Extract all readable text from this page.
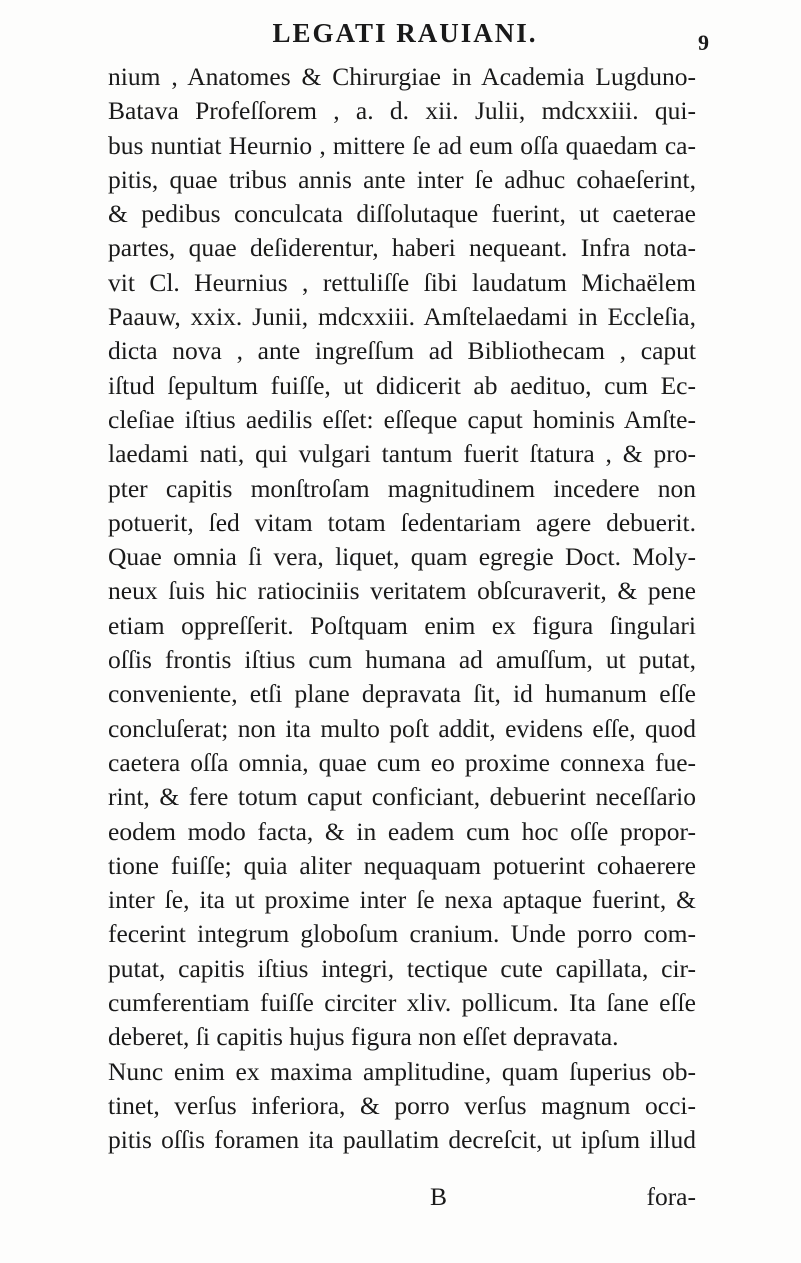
LEGATI RAUIANI.	9
nium , Anatomes & Chirurgiae in Academia Lugduno-
Batava Profeſſorem , a. d. xii. Julii, mdcxxiii. qui-
bus nuntiat Heurnio , mittere ſe ad eum oſſa quaedam ca-
pitis, quae tribus annis ante inter ſe adhuc cohaeſerint,
& pedibus conculcata diſſolutaque fuerint, ut caeterae
partes, quae deſiderentur, haberi nequeant. Infra nota-
vit Cl. Heurnius , rettuliſſe ſibi laudatum Michaëlem
Paauw, xxix. Junii, mdcxxiii. Amſtelaedami in Eccleſia,
dicta nova , ante ingreſſum ad Bibliothecam , caput
iſtud ſepultum fuiſſe, ut didicerit ab aedituo, cum Ec-
cleſiae iſtius aedilis eſſet: eſſeque caput hominis Amſte-
laedami nati, qui vulgari tantum fuerit ſtatura , & pro-
pter capitis monſtroſam magnitudinem incedere non
potuerit, ſed vitam totam ſedentariam agere debuerit.
Quae omnia ſi vera, liquet, quam egregie Doct. Moly-
neux ſuis hic ratiociniis veritatem obſcuraverit, & pene
etiam oppreſſerit. Poſtquam enim ex figura ſingulari
oſſis frontis iſtius cum humana ad amuſſum, ut putat,
conveniente, etſi plane depravata ſit, id humanum eſſe
concluſerat; non ita multo poſt addit, evidens eſſe, quod
caetera oſſa omnia, quae cum eo proxime connexa fue-
rint, & fere totum caput conficiant, debuerint neceſſario
eodem modo facta, & in eadem cum hoc oſſe propor-
tione fuiſſe; quia aliter nequaquam potuerint cohaerere
inter ſe, ita ut proxime inter ſe nexa aptaque fuerint, &
fecerint integrum globoſum cranium. Unde porro com-
putat, capitis iſtius integri, tectique cute capillata, cir-
cumferentiam fuiſſe circiter xliv. pollicum. Ita ſane eſſe
deberet, ſi capitis hujus figura non eſſet depravata.
Nunc enim ex maxima amplitudine, quam ſuperius ob-
tinet, verſus inferiora, & porro verſus magnum occi-
pitis oſſis foramen ita paullatim decreſcit, ut ipſum illud
B	fora-
